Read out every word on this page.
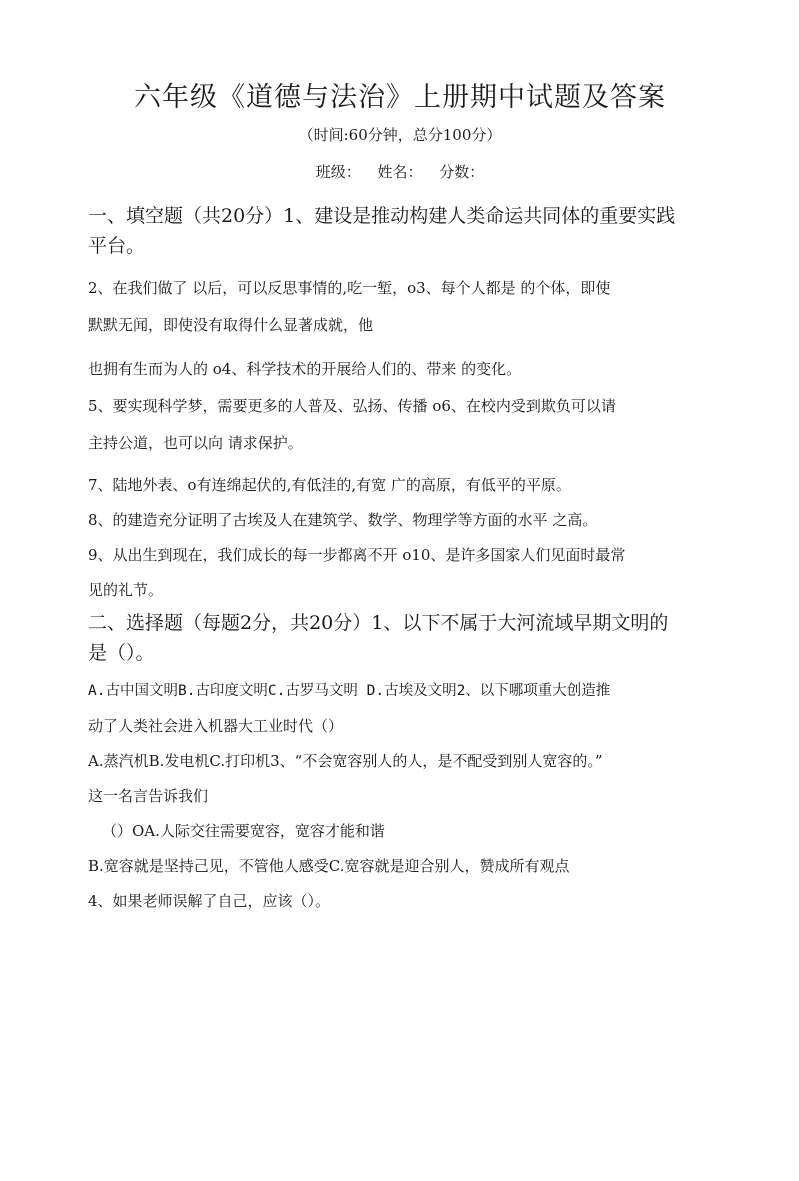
六年级《道德与法治》上册期中试题及答案
（时间:60分钟，总分100分）
班级： 姓名： 分数：

一、填空题（共20分）1、建设是推动构建人类命运共同体的重要实践

平台。

2、在我们做了 以后，可以反思事情的,吃一堑，o3、每个人都是 的个体，即使

默默无闻，即使没有取得什么显著成就，他

也拥有生而为人的 o4、科学技术的开展给人们的、带来 的变化。

5、要实现科学梦，需要更多的人普及、弘扬、传播 o6、在校内受到欺负可以请

主持公道，也可以向 请求保护。

7、陆地外表、o有连绵起伏的,有低洼的,有宽 广的高原，有低平的平原。

8、的建造充分证明了古埃及人在建筑学、数学、物理学等方面的水平 之高。

9、从出生到现在，我们成长的每一步都离不开 o10、是许多国家人们见面时最常

见的礼节。

二、选择题（每题2分，共20分）1、以下不属于大河流域早期文明的

是（）。

A.古中国文明B.古印度文明C.古罗马文明 D.古埃及文明2、以下哪项重大创造推

动了人类社会进入机器大工业时代（）

A.蒸汽机B.发电机C.打印机3、“不会宽容别人的人，是不配受到别人宽容的。”

这一名言告诉我们

（）OA.人际交往需要宽容，宽容才能和谐

B.宽容就是坚持己见，不管他人感受C.宽容就是迎合别人，赞成所有观点

4、如果老师误解了自己，应该（）。
